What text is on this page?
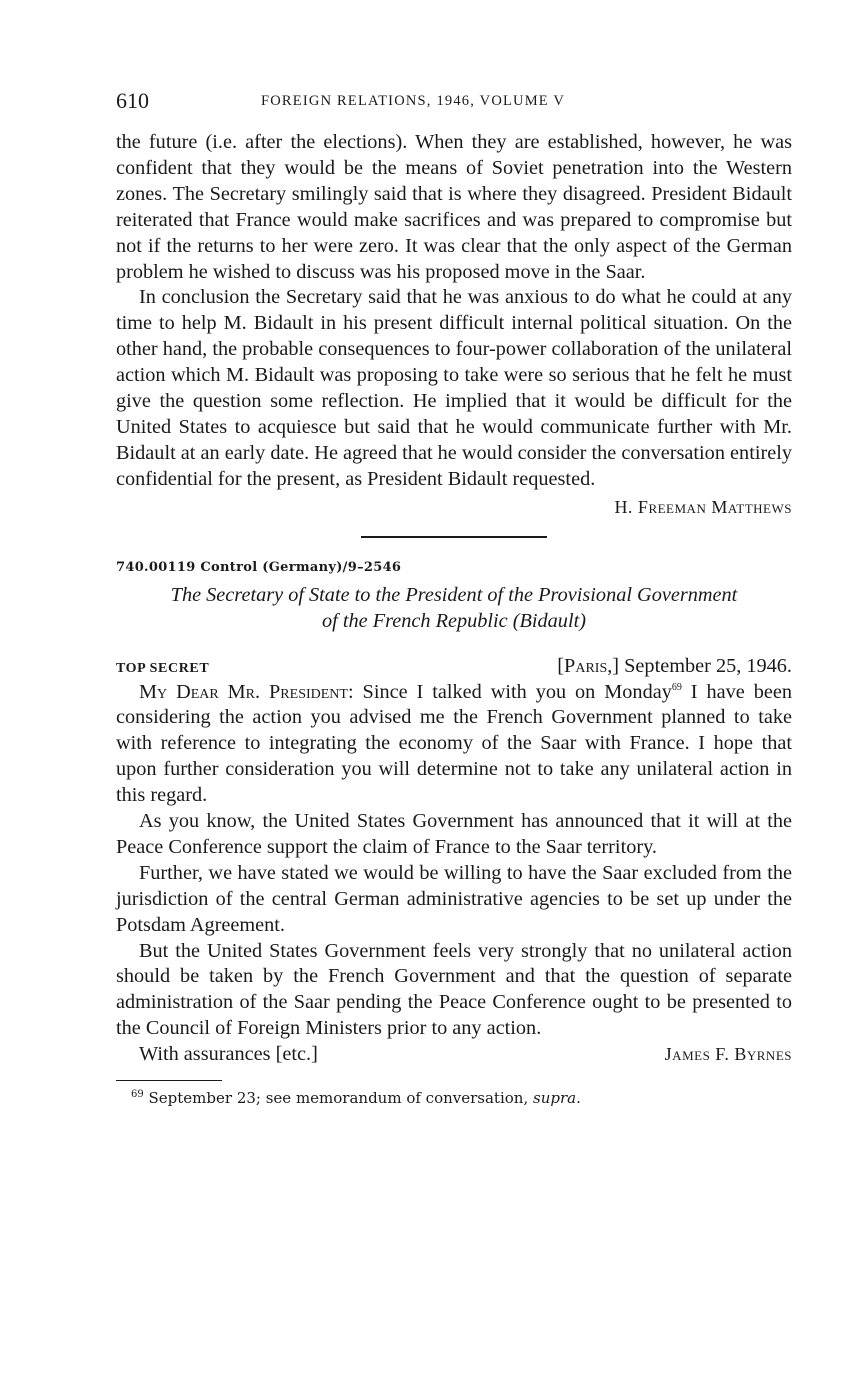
610	FOREIGN RELATIONS, 1946, VOLUME V

the future (i.e. after the elections). When they are established, however, he was confident that they would be the means of Soviet penetration into the Western zones. The Secretary smilingly said that is where they disagreed. President Bidault reiterated that France would make sacrifices and was prepared to compromise but not if the returns to her were zero. It was clear that the only aspect of the German problem he wished to discuss was his proposed move in the Saar.

In conclusion the Secretary said that he was anxious to do what he could at any time to help M. Bidault in his present difficult internal political situation. On the other hand, the probable consequences to four-power collaboration of the unilateral action which M. Bidault was proposing to take were so serious that he felt he must give the question some reflection. He implied that it would be difficult for the United States to acquiesce but said that he would communicate further with Mr. Bidault at an early date. He agreed that he would consider the conversation entirely confidential for the present, as President Bidault requested.

H. Freeman Matthews
740.00119 Control (Germany)/9–2546
The Secretary of State to the President of the Provisional Government
of the French Republic (Bidault)
TOP SECRET	[Paris,] September 25, 1946.

My Dear Mr. President: Since I talked with you on Monday$^{69}$ I have been considering the action you advised me the French Government planned to take with reference to integrating the economy of the Saar with France. I hope that upon further consideration you will determine not to take any unilateral action in this regard.

As you know, the United States Government has announced that it will at the Peace Conference support the claim of France to the Saar territory.

Further, we have stated we would be willing to have the Saar excluded from the jurisdiction of the central German administrative agencies to be set up under the Potsdam Agreement.

But the United States Government feels very strongly that no unilateral action should be taken by the French Government and that the question of separate administration of the Saar pending the Peace Conference ought to be presented to the Council of Foreign Ministers prior to any action.

With assurances [etc.]	James F. Byrnes
$^{69}$ September 23; see memorandum of conversation, supra.
